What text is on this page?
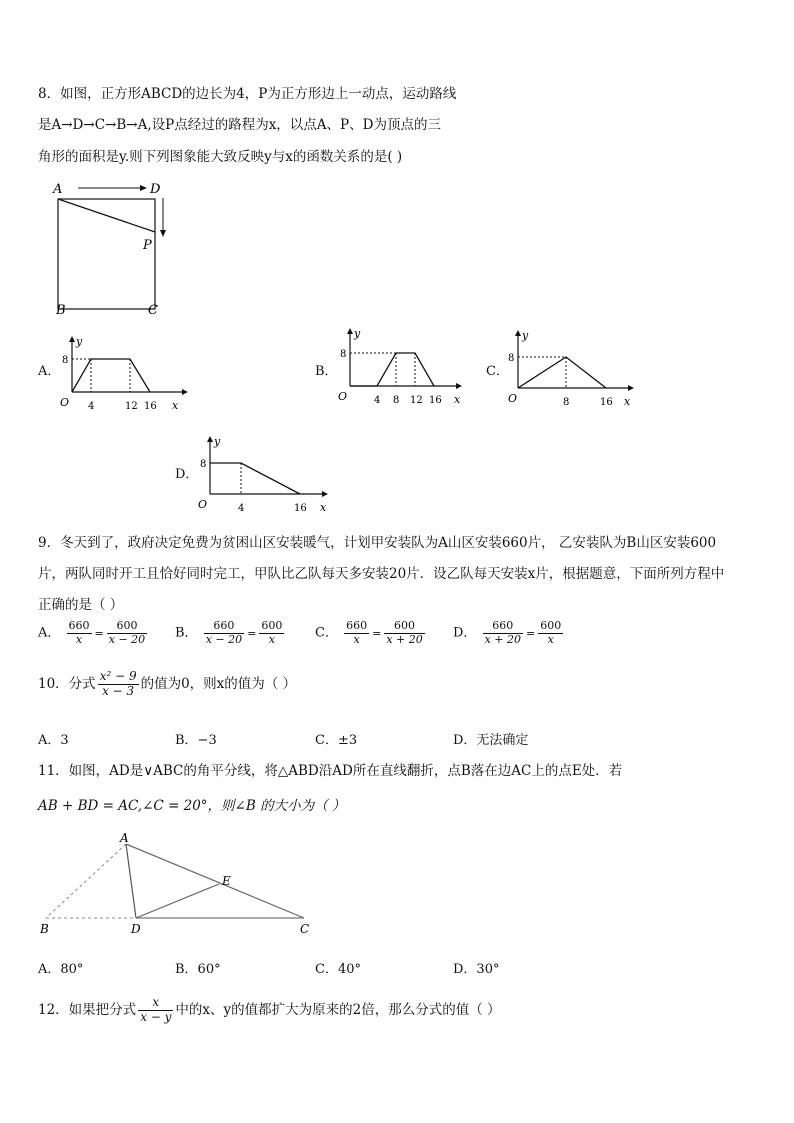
8．如图，正方形ABCD的边长为4，P为正方形边上一动点，运动路线
是A→D→C→B→A,设P点经过的路程为x，以点A、P、D为顶点的三
角形的面积是y.则下列图象能大致反映y与x的函数关系的是( )
A	D
P
B	C
A．
y
8
O 4	12 16 x
B．
y
8
O	4 8 12 16 x
C．
y
8
O	8	16 x
D．
y
8
O	4	16 x
9．冬天到了，政府决定免费为贫困山区安装暖气，计划甲安装队为A山区安装660片， 乙安装队为B山区安装600
片，两队同时开工且恰好同时完工，甲队比乙队每天多安装20片．设乙队每天安装x片，根据题意，下面所列方程中
正确的是（ ）
A． $\frac{660}{x} = \frac{600}{x - 20}$ B． $\frac{660}{x - 20} = \frac{600}{x}$ C． $\frac{660}{x} = \frac{600}{x + 20}$ D． $\frac{660}{x + 20} = \frac{600}{x}$
10．分式 $\frac{\text{x² − 9}}{x - 3}$ 的值为0，则x的值为（ ）
A．3	B．−3	C．±3	D．无法确定
11．如图，AD是∨ABC的角平分线，将△ABD沿AD所在直线翻折，点B落在边AC上的点E处．若
AB + BD = AC,∠C = 20°，则∠B 的大小为（ ）
A
B	D
E
C
A．80°	B．60°	C．40°	D．30°
12．如果把分式 $\frac{x}{x - y}$ 中的x、y的值都扩大为原来的2倍，那么分式的值（ ）
